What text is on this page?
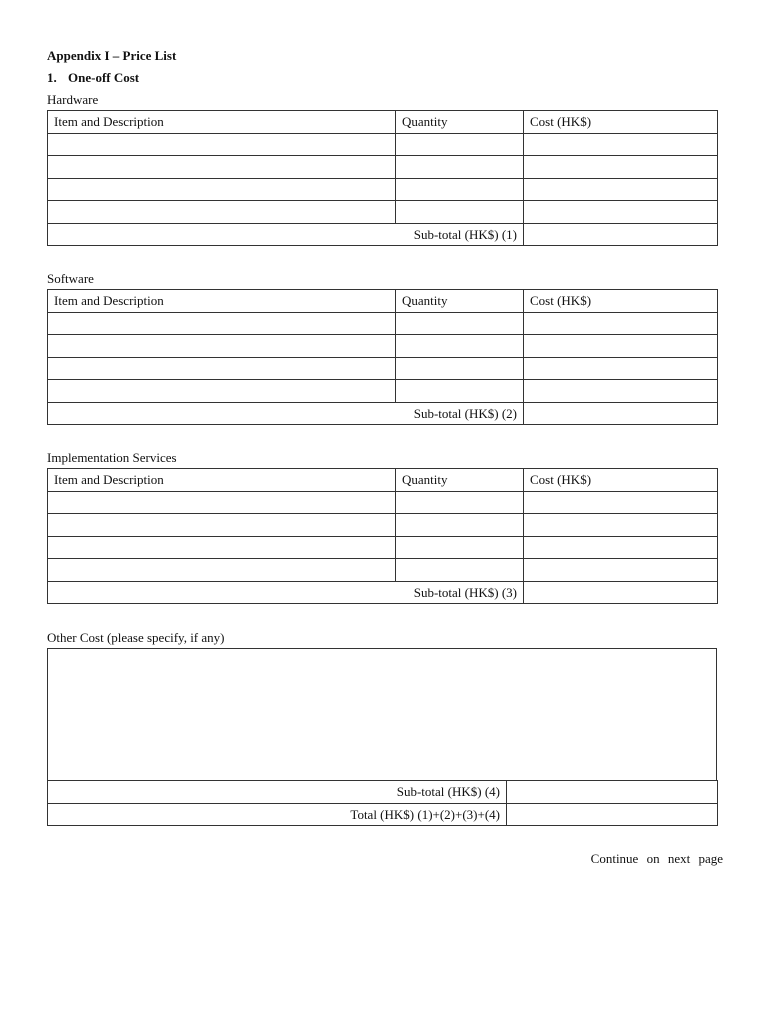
Appendix I – Price List
1. One-off Cost
Hardware
Item and Description	Quantity	Cost (HK$)

Sub-total (HK$) (1)		
Software
Item and Description	Quantity	Cost (HK$)

Sub-total (HK$) (2)		
Implementation Services
Item and Description	Quantity	Cost (HK$)

Sub-total (HK$) (3)		
Other Cost (please specify, if any)
Sub-total (HK$) (4)	
Total (HK$) (1)+(2)+(3)+(4)	
Continue on next page
